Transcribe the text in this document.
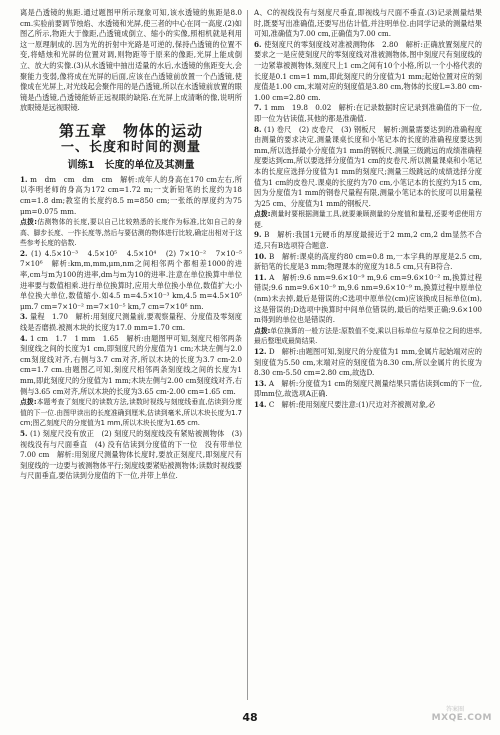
离是凸透镜的焦距.通过题图甲所示现象可知,该水透镜的焦距是8.0 cm.实验前要调节烛焰、水透镜和光屏,使三者的中心在同一高度.(2)如图乙所示,物距大于像距,凸透镜成倒立、缩小的实像,照相机就是利用这一原理制成的.因为光的折射中光路是可逆的,保持凸透镜的位置不变,将蜡烛和光屏的位置对调,则物距等于原来的像距,光屏上能成倒立、放大的实像.(3)从水透镜中抽出适量的水后,水透镜的焦距变大,会聚能力变弱,像将成在光屏的后面,应该在凸透镜前放置一个凸透镜,使像成在光屏上,对光线起会聚作用的是凸透镜,所以在水透镜前放置的眼镜是凸透镜,凸透镜能矫正远视眼的缺陷.在光屏上成清晰的像,说明所放眼镜是远视眼镜.

第五章　物体的运动
一、长度和时间的测量
训练1　长度的单位及其测量

1. m　dm　cm　dm　cm　解析:成年人的身高在170 cm左右,所以李明老师的身高为172 cm=1.72 m;一支新铅笔的长度约为18 cm=1.8 dm;教室的长度约8.5 m=850 cm;一张纸的厚度约为75 μm=0.075 mm.

点拨:估测物体的长度,要以自己比较熟悉的长度作为标准,比如自己的身高、脚步长度、一拃长度等,然后与要估测的物体进行比较,确定出相对于这些参考长度的倍数.

2. (1) 4.5×10⁻³　4.5×10⁵　4.5×10⁴　(2) 7×10⁻²　7×10⁻⁵　7×10⁶　解析:km,m,mm,μm,nm之间相邻两个都相差1000的进率,cm与m为100的进率,dm与m为10的进率.注意在单位换算中单位进率要与数值相乘.进行单位换算时,应用大单位换小单位,数值扩大;小单位换大单位,数值缩小.如4.5 m=4.5×10⁻³ km,4.5 m=4.5×10⁵ μm.7 cm=7×10⁻² m=7×10⁻⁵ km,7 cm=7×10⁶ nm.

3. 量程　1.70　解析:用刻度尺测量前,要观察量程、分度值及零刻度线是否磨损.被测木块的长度为17.0 mm=1.70 cm.

4. 1 cm　1.7　1 mm　1.65　解析:由题图甲可知,刻度尺相邻两条刻度线之间的长度为1 cm,即刻度尺的分度值为1 cm;木块左侧与2.0 cm刻度线对齐,右侧与3.7 cm对齐,所以木块的长度为3.7 cm-2.0 cm=1.7 cm.由题图乙可知,刻度尺相邻两条刻度线之间的长度为1 mm,即此刻度尺的分度值为1 mm;木块左侧与2.00 cm刻度线对齐,右侧与3.65 cm对齐,所以木块的长度为3.65 cm-2.00 cm=1.65 cm.

点拨:本题考查了刻度尺的读数方法,读数时视线与刻度线垂直,估读到分度值的下一位.由图甲读出的长度准确到厘米,估读到毫米,所以木块长度为1.7 cm;图乙刻度尺的分度值为1 mm,所以木块长度为1.65 cm.

5. (1) 刻度尺没有放正　(2) 刻度尺的刻度线没有紧贴被测物体　(3) 视线没有与尺面垂直　(4) 没有估读到分度值的下一位　没有带单位　7.00 cm　解析:用刻度尺测量物体长度时,要放正刻度尺,即刻度尺有刻度线的一边要与被测物体平行;刻度线要紧贴被测物体;读数时视线要与尺面垂直,要估读到分度值的下一位,并带上单位.

A、C的视线没有与刻度尺垂直,即视线与尺面不垂直.(3)记录测量结果时,既要写出准确值,还要写出估计值,并注明单位.由同学记录的测量结果可知,准确值为7.00 cm,正确值为7.00 cm.

6. 使刻度尺的零刻度线对准被测物体　2.80　解析:正确放置刻度尺的要求之一是应使刻度尺的零刻度线对准被测物体,图中刻度尺有刻度线的一边紧靠被测物体,刻度尺上1 cm之间有10个小格,所以一个小格代表的长度是0.1 cm=1 mm,即此刻度尺的分度值为1 mm;起始位置对应的刻度值是1.00 cm,末端对应的刻度值是3.80 cm,物体的长度L=3.80 cm-1.00 cm=2.80 cm.

7. 1 mm　19.8　0.02　解析:在记录数据时应记录到准确值的下一位,即一位为估读值,其他的都是准确值.

8. (1) 卷尺　(2) 皮卷尺　(3) 钢板尺　解析:测量需要达到的准确程度由测量的要求决定,测量课桌长度和小笔记本的长度的准确程度要达到mm,所以选择最小分度值为1 mm的钢板尺.测量三级跳远的成绩准确程度要达到cm,所以要选择分度值为1 cm的皮卷尺.所以测量课桌和小笔记本的长度应选择分度值为1 mm的刻度尺;测量三级跳远的成绩选择分度值为1 cm的皮卷尺.课桌的长度约为70 cm,小笔记本的长度约为15 cm,因为分度值为1 mm的钢卷尺量程有限,测量小笔记本的长度可以用量程为25 cm、分度值为1 mm的钢板尺.

点拨:测量时要根据测量工具,就要兼顾测量的分度值和量程,还要考虑使用方便.

9. B　解析:我国1元硬币的厚度最接近于2 mm,2 cm,2 dm显然不合适,只有B选项符合题意.

10. B　解析:课桌的高度约80 cm=0.8 m,一本字典的厚度是2.5 cm,新铅笔的长度是3 mm;物理课本的宽度为18.5 cm,只有B符合.

11. A　解析:9.6 nm=9.6×10⁻⁹ m,9.6 cm=9.6×10⁻² m,换算过程错误;9.6 nm=9.6×10⁻⁹ m,9.6 nm=9.6×10⁻⁹ m,换算过程中原单位(nm)未去掉,最后是错误的;C选项中原单位(cm)应该换成目标单位(m),这是错误的;D选项中换算时中间单位错误的,最后的结果正确;9.6×100 m得到的单位也是错误的.

点拨:单位换算的一般方法是:原数值不变,乘以目标单位与原单位之间的进率,最后整理成最简结果.

12. D　解析:由题图可知,刻度尺的分度值为1 mm,金属片起始端对应的刻度值为5.50 cm,末端对应的刻度值为8.30 cm,所以金属片的长度为8.30 cm-5.50 cm=2.80 cm,故选D.

13. A　解析:分度值为1 cm的刻度尺测量结果只需估读到cm的下一位,即mm位,故选项A正确.

14. C　解析:使用刻度尺要注意:(1)尺边对齐被测对象,必

48
答案圈
MXQE.COM
